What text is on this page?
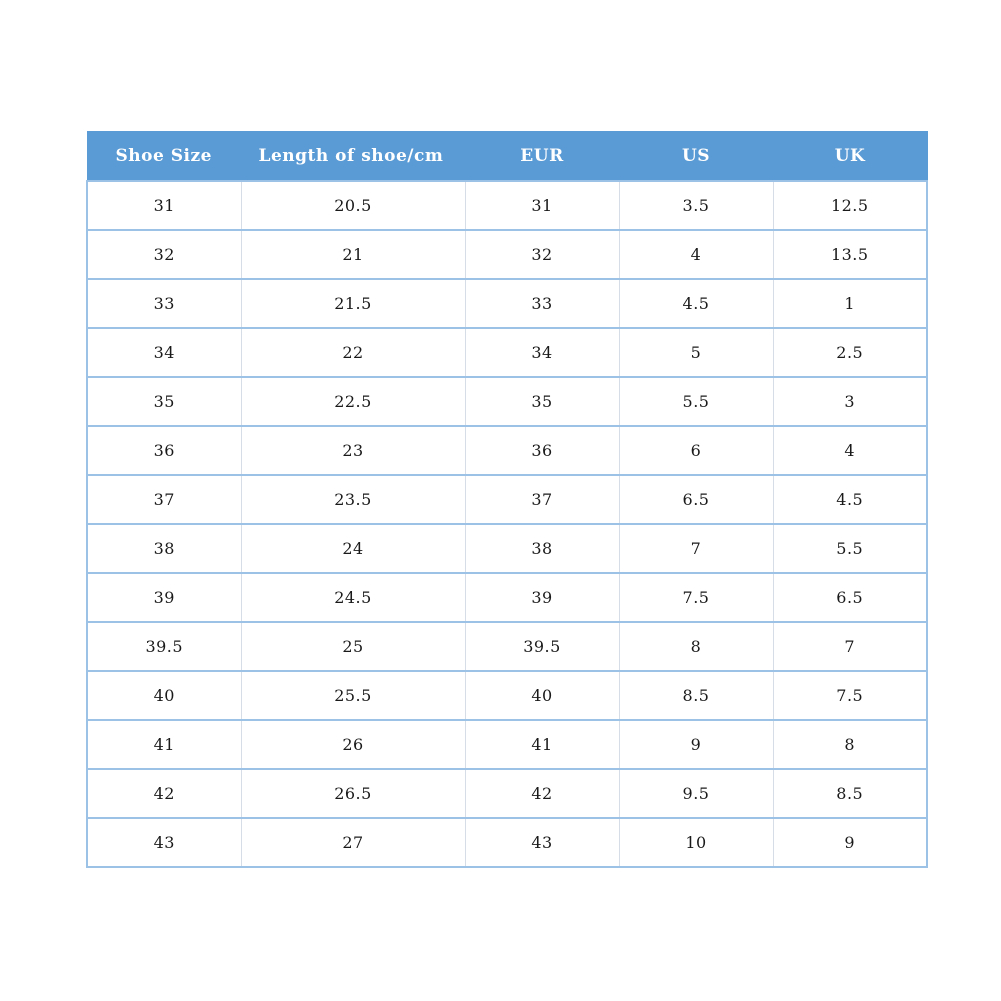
Shoe Size	Length of shoe/cm	EUR	US	UK
31	20.5	31	3.5	12.5
32	21	32	4	13.5
33	21.5	33	4.5	1
34	22	34	5	2.5
35	22.5	35	5.5	3
36	23	36	6	4
37	23.5	37	6.5	4.5
38	24	38	7	5.5
39	24.5	39	7.5	6.5
39.5	25	39.5	8	7
40	25.5	40	8.5	7.5
41	26	41	9	8
42	26.5	42	9.5	8.5
43	27	43	10	9
